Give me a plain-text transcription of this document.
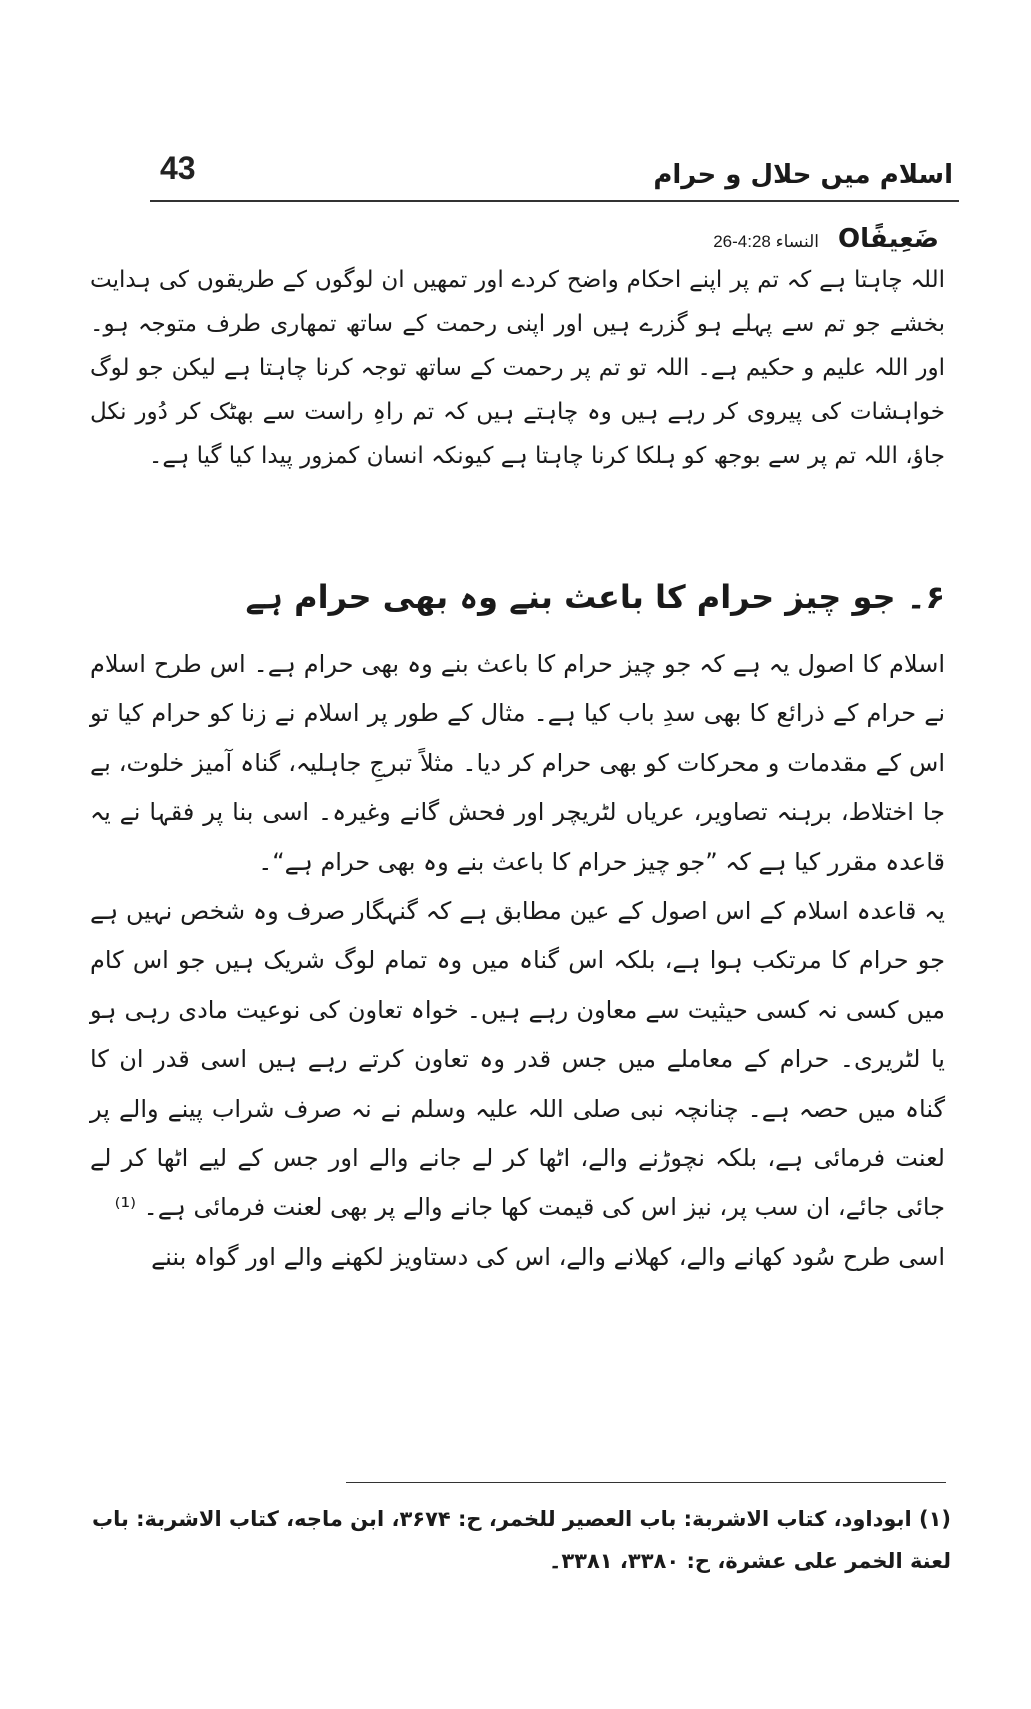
43	اسلام میں حلال و حرام
ضَعِيفًاO النساء 4:28-26

اللہ چاہتا ہے کہ تم پر اپنے احکام واضح کردے اور تمھیں ان لوگوں کے طریقوں کی ہدایت بخشے جو تم سے پہلے ہو گزرے ہیں اور اپنی رحمت کے ساتھ تمھاری طرف متوجہ ہو۔ اور اللہ علیم و حکیم ہے۔ اللہ تو تم پر رحمت کے ساتھ توجہ کرنا چاہتا ہے لیکن جو لوگ خواہشات کی پیروی کر رہے ہیں وہ چاہتے ہیں کہ تم راہِ راست سے بھٹک کر دُور نکل جاؤ، اللہ تم پر سے بوجھ کو ہلکا کرنا چاہتا ہے کیونکہ انسان کمزور پیدا کیا گیا ہے۔

۶۔ جو چیز حرام کا باعث بنے وہ بھی حرام ہے

اسلام کا اصول یہ ہے کہ جو چیز حرام کا باعث بنے وہ بھی حرام ہے۔ اس طرح اسلام نے حرام کے ذرائع کا بھی سدِ باب کیا ہے۔ مثال کے طور پر اسلام نے زنا کو حرام کیا تو اس کے مقدمات و محرکات کو بھی حرام کر دیا۔ مثلاً تبرجِ جاہلیہ، گناہ آمیز خلوت، بے جا اختلاط، برہنہ تصاویر، عریاں لٹریچر اور فحش گانے وغیرہ۔ اسی بنا پر فقہا نے یہ قاعدہ مقرر کیا ہے کہ ”جو چیز حرام کا باعث بنے وہ بھی حرام ہے“۔

یہ قاعدہ اسلام کے اس اصول کے عین مطابق ہے کہ گنہگار صرف وہ شخص نہیں ہے جو حرام کا مرتکب ہوا ہے، بلکہ اس گناہ میں وہ تمام لوگ شریک ہیں جو اس کام میں کسی نہ کسی حیثیت سے معاون رہے ہیں۔ خواہ تعاون کی نوعیت مادی رہی ہو یا لٹریری۔ حرام کے معاملے میں جس قدر وہ تعاون کرتے رہے ہیں اسی قدر ان کا گناہ میں حصہ ہے۔ چنانچہ نبی صلی اللہ علیہ وسلم نے نہ صرف شراب پینے والے پر لعنت فرمائی ہے، بلکہ نچوڑنے والے، اٹھا کر لے جانے والے اور جس کے لیے اٹھا کر لے جائی جائے، ان سب پر، نیز اس کی قیمت کھا جانے والے پر بھی لعنت فرمائی ہے۔ ⁽¹⁾

اسی طرح سُود کھانے والے، کھلانے والے، اس کی دستاویز لکھنے والے اور گواہ بننے

(۱) ابوداود، کتاب الاشربة: باب العصير للخمر، ح: ۳۶۷۴، ابن ماجه، کتاب الاشربة: باب لعنة الخمر علی عشرة، ح: ۳۳۸۰، ۳۳۸۱۔
